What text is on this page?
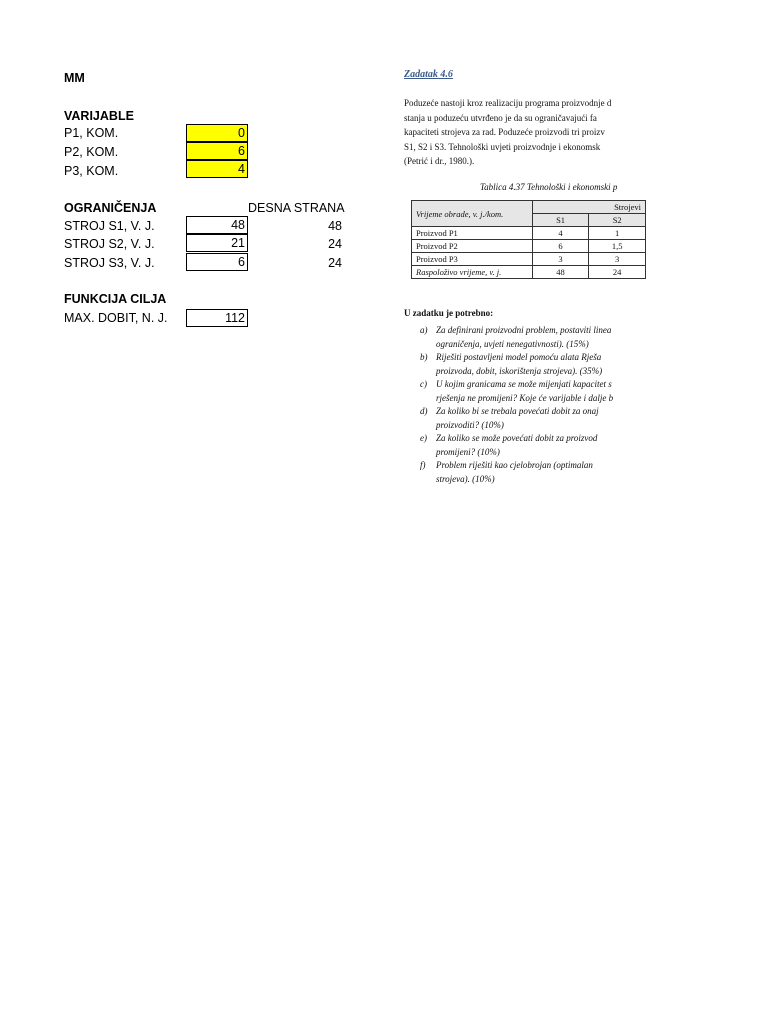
MM
VARIJABLE
P1, KOM.	0
P2, KOM.	6
P3, KOM.	4
OGRANIČENJA	DESNA STRANA
STROJ S1, V. J.	48	48
STROJ S2, V. J.	21	24
STROJ S3, V. J.	6	24
FUNKCIJA CILJA
MAX. DOBIT, N. J.	112
Zadatak 4.6
Poduzeće nastoji kroz realizaciju programa proizvodnje d
stanja u poduzeću utvrđeno je da su ograničavajući fa
kapaciteti strojeva za rad. Poduzeće proizvodi tri proizv
S1, S2 i S3. Tehnološki uvjeti proizvodnje i ekonomsk
(Petrić i dr., 1980.).
Tablica 4.37 Tehnološki i ekonomski p
Vrijeme obrade, v. j./kom.	Strojevi	
	S1	S2
Proizvod P1	4	1
Proizvod P2	6	1,5
Proizvod P3	3	3
Raspoloživo vrijeme, v. j.	48	24
U zadatku je potrebno:
a) Za definirani proizvodni problem, postaviti linea
ograničenja, uvjeti nenegativnosti). (15%)
b) Riješiti postavljeni model pomoću alata Rješa
proizvoda, dobit, iskorištenja strojeva). (35%)
c)	U kojim granicama se može mijenjati kapacitet s
rješenja ne promijeni? Koje će varijable i dalje b
d) Za koliko bi se trebala povećati dobit za onaj
proizvoditi? (10%)
e)	Za koliko se može povećati dobit za proizvod
promijeni? (10%)
f)	Problem riješiti kao cjelobrojan (optimalan
strojeva). (10%)
